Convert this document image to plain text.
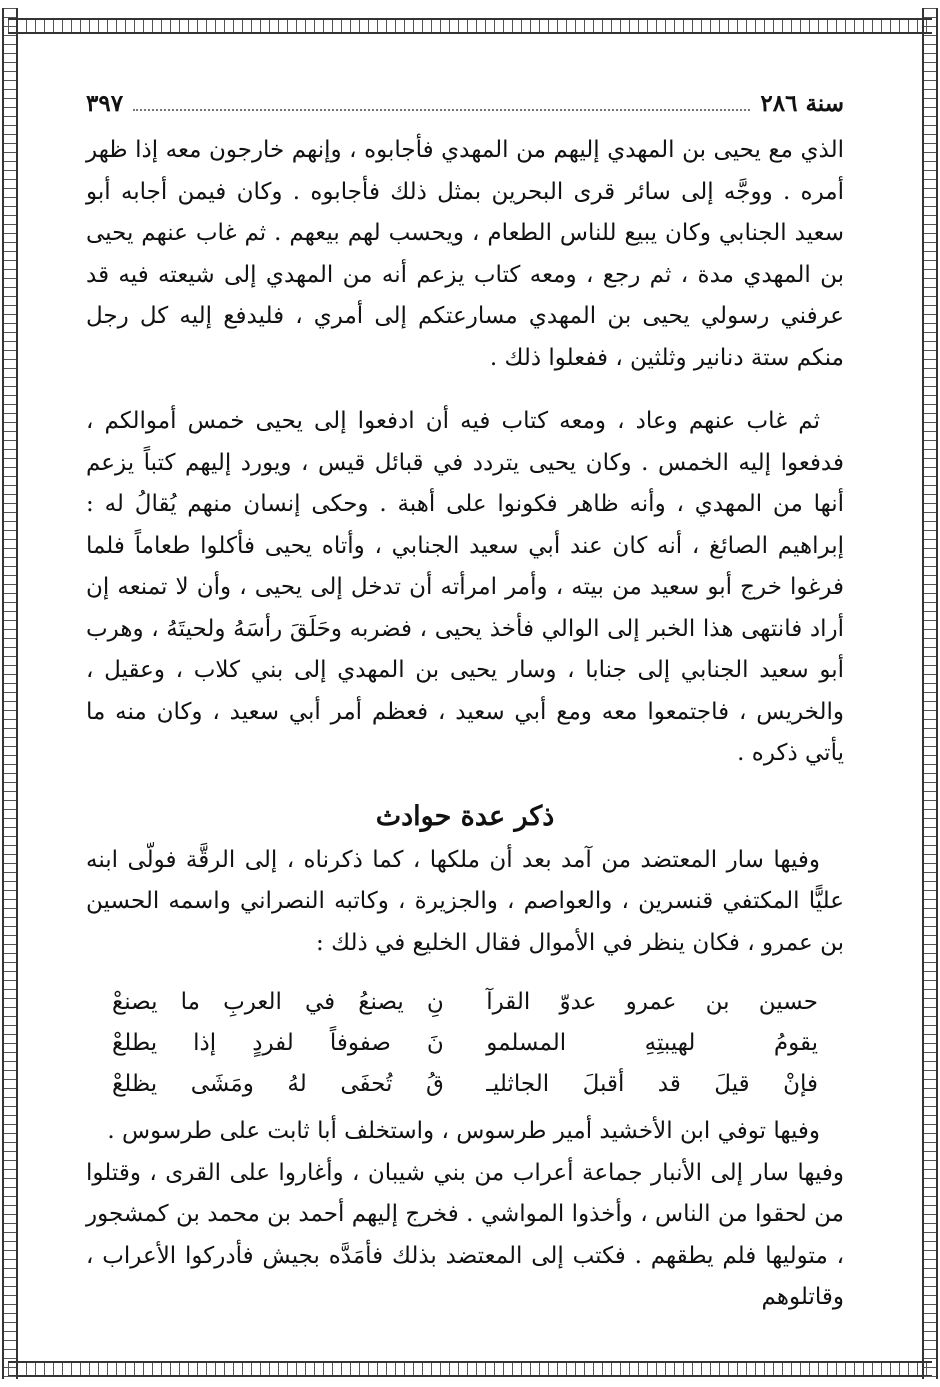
سنة ٢٨٦
٣٩٧

الذي مع يحيى بن المهدي إليهم من المهدي فأجابوه ، وإنهم خارجون معه إذا ظهر أمره . ووجَّه إلى سائر قرى البحرين بمثل ذلك فأجابوه . وكان فيمن أجابه أبو سعيد الجنابي وكان يبيع للناس الطعام ، ويحسب لهم بيعهم . ثم غاب عنهم يحيى بن المهدي مدة ، ثم رجع ، ومعه كتاب يزعم أنه من المهدي إلى شيعته فيه قد عرفني رسولي يحيى بن المهدي مسارعتكم إلى أمري ، فليدفع إليه كل رجل منكم ستة دنانير وثلثين ، ففعلوا ذلك .

ثم غاب عنهم وعاد ، ومعه كتاب فيه أن ادفعوا إلى يحيى خمس أموالكم ، فدفعوا إليه الخمس . وكان يحيى يتردد في قبائل قيس ، ويورد إليهم كتباً يزعم أنها من المهدي ، وأنه ظاهر فكونوا على أهبة . وحكى إنسان منهم يُقالُ له : إبراهيم الصائغ ، أنه كان عند أبي سعيد الجنابي ، وأتاه يحيى فأكلوا طعاماً فلما فرغوا خرج أبو سعيد من بيته ، وأمر امرأته أن تدخل إلى يحيى ، وأن لا تمنعه إن أراد فانتهى هذا الخبر إلى الوالي فأخذ يحيى ، فضربه وحَلَقَ رأسَهُ ولحيتَهُ ، وهرب أبو سعيد الجنابي إلى جنابا ، وسار يحيى بن المهدي إلى بني كلاب ، وعقيل ، والخريس ، فاجتمعوا معه ومع أبي سعيد ، فعظم أمر أبي سعيد ، وكان منه ما يأتي ذكره .

ذكر عدة حوادث

وفيها سار المعتضد من آمد بعد أن ملكها ، كما ذكرناه ، إلى الرقَّة فولّى ابنه عليًّا المكتفي قنسرين ، والعواصم ، والجزيرة ، وكاتبه النصراني واسمه الحسين بن عمرو ، فكان ينظر في الأموال فقال الخليع في ذلك :

حسين بن عمرو عدوّ القرآ
نِ يصنعُ في العربِ ما يصنعْ
يقومُ لهيبتِهِ المسلمو
نَ صفوفاً لفردٍ إذا يطلعْ
فإنْ قيلَ قد أقبلَ الجاثليـ
قُ تُحفَى لهُ ومَشَى يظلعْ

وفيها توفي ابن الأخشيد أمير طرسوس ، واستخلف أبا ثابت على طرسوس .

وفيها سار إلى الأنبار جماعة أعراب من بني شيبان ، وأغاروا على القرى ، وقتلوا من لحقوا من الناس ، وأخذوا المواشي . فخرج إليهم أحمد بن محمد بن كمشجور ، متوليها فلم يطقهم . فكتب إلى المعتضد بذلك فأمَدَّه بجيش فأدركوا الأعراب ، وقاتلوهم
